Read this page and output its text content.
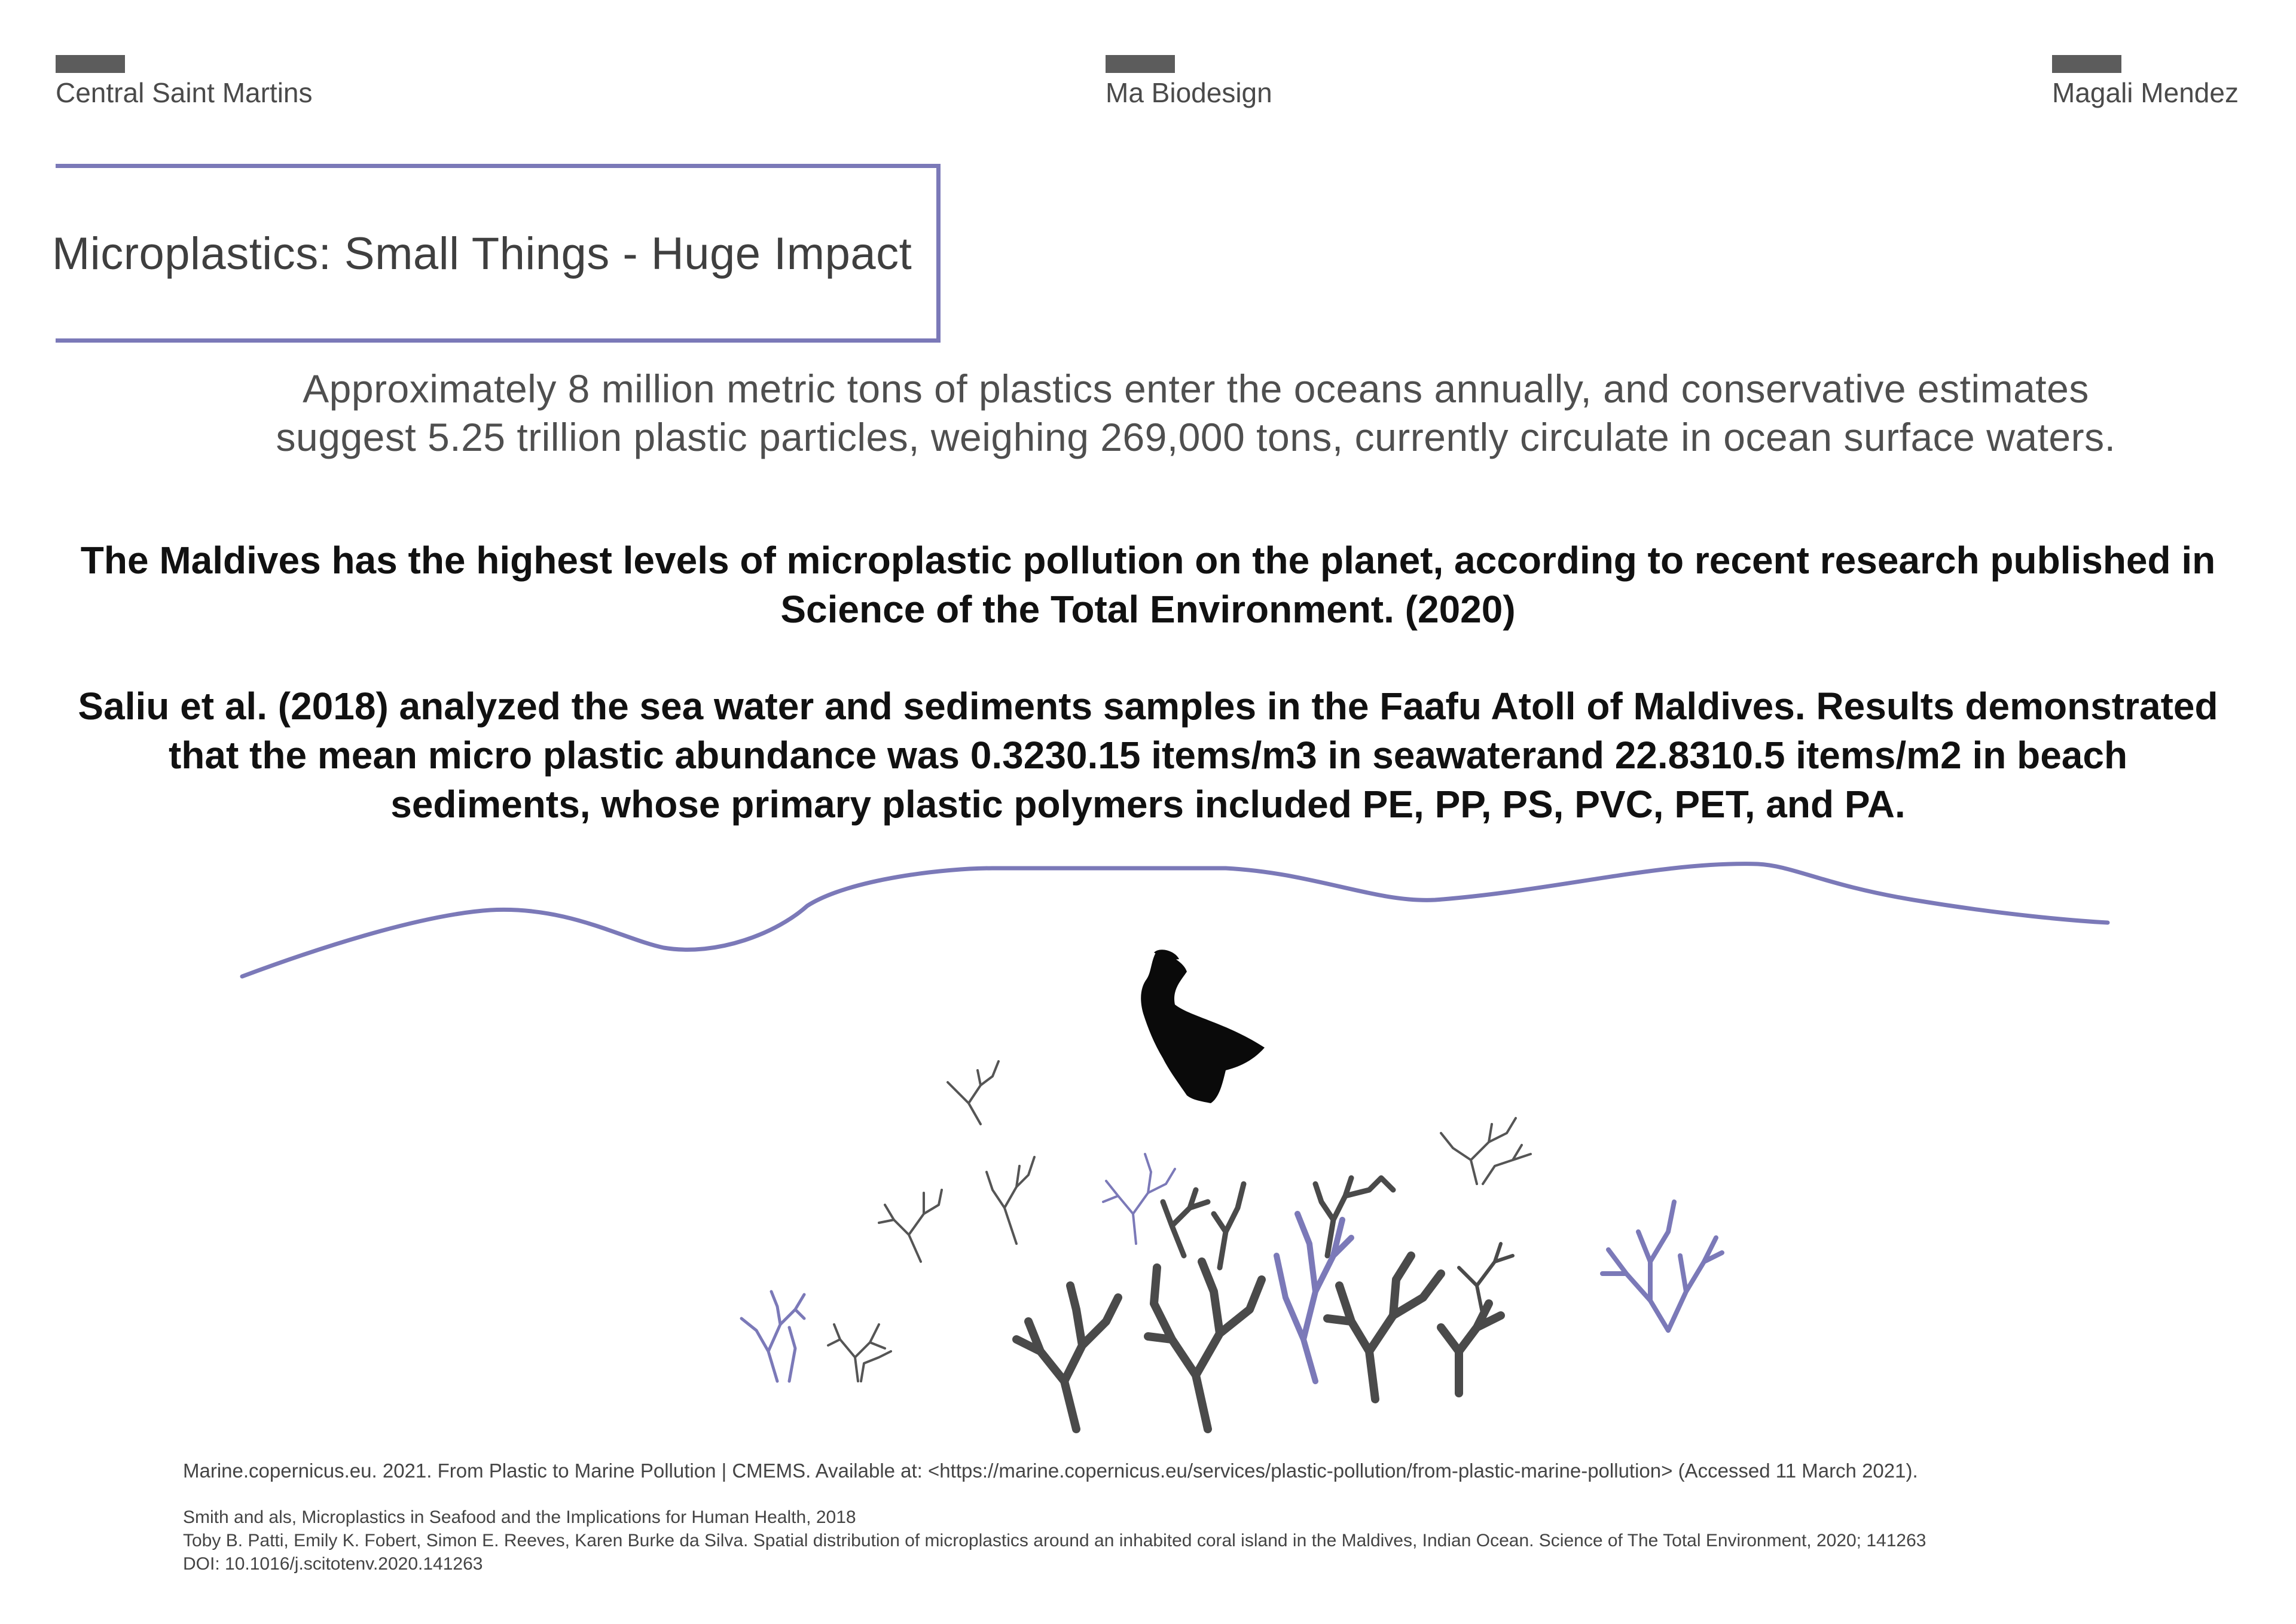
Central Saint Martins	Ma Biodesign	Magali Mendez
Microplastics: Small Things - Huge Impact
Approximately 8 million metric tons of plastics enter the oceans annually, and conservative estimates suggest 5.25 trillion plastic particles, weighing 269,000 tons, currently circulate in ocean surface waters.
The Maldives has the highest levels of microplastic pollution on the planet, according to recent research published in Science of the Total Environment. (2020)
Saliu et al. (2018) analyzed the sea water and sediments samples in the Faafu Atoll of Maldives. Results demonstrated that the mean micro plastic abundance was 0.3230.15 items/m3 in seawaterand 22.8310.5 items/m2 in beach sediments, whose primary plastic polymers included PE, PP, PS, PVC, PET, and PA.
Marine.copernicus.eu. 2021. From Plastic to Marine Pollution | CMEMS. Available at: <https://marine.copernicus.eu/services/plastic-pollution/from-plastic-marine-pollution> (Accessed 11 March 2021).
Smith and als, Microplastics in Seafood and the Implications for Human Health, 2018
Toby B. Patti, Emily K. Fobert, Simon E. Reeves, Karen Burke da Silva. Spatial distribution of microplastics around an inhabited coral island in the Maldives, Indian Ocean. Science of The Total Environment, 2020; 141263
DOI: 10.1016/j.scitotenv.2020.141263
